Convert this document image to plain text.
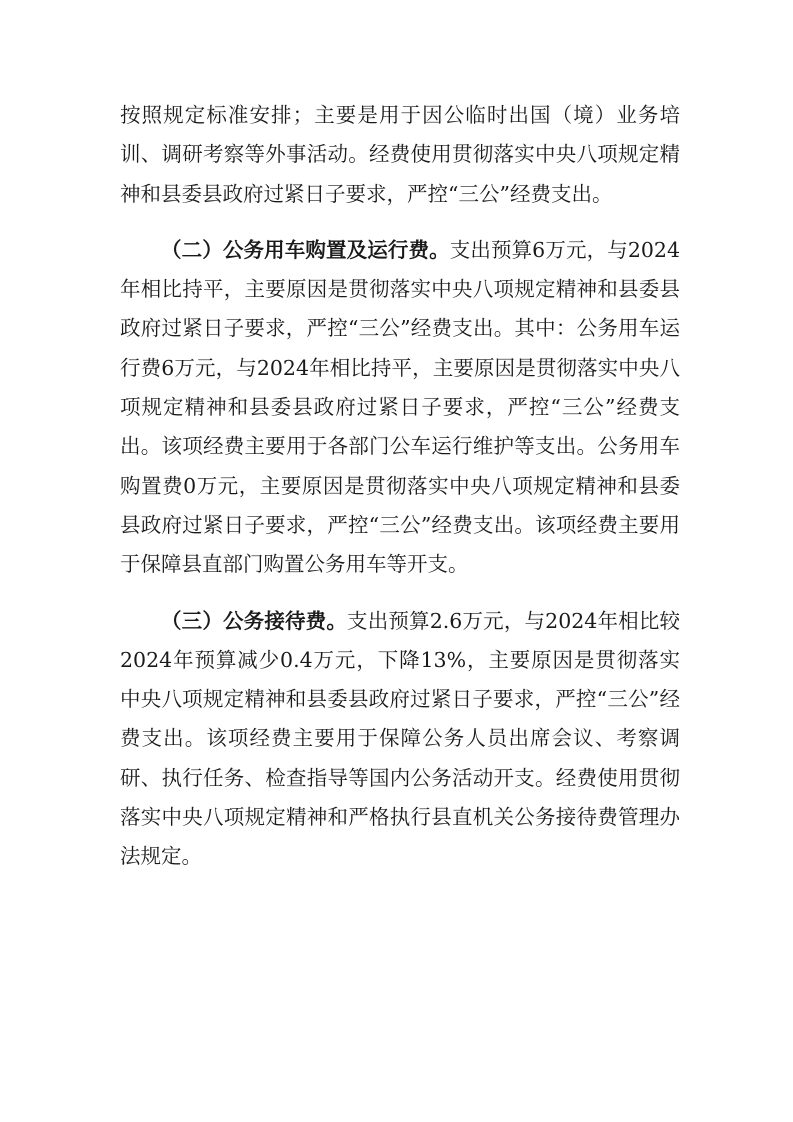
按照规定标准安排；主要是用于因公临时出国（境）业务培训、调研考察等外事活动。经费使用贯彻落实中央八项规定精神和县委县政府过紧日子要求，严控“三公”经费支出。

（二）公务用车购置及运行费。支出预算6万元，与2024年相比持平，主要原因是贯彻落实中央八项规定精神和县委县政府过紧日子要求，严控“三公”经费支出。其中：公务用车运行费6万元，与2024年相比持平，主要原因是贯彻落实中央八项规定精神和县委县政府过紧日子要求，严控“三公”经费支出。该项经费主要用于各部门公车运行维护等支出。公务用车购置费0万元，主要原因是贯彻落实中央八项规定精神和县委县政府过紧日子要求，严控“三公”经费支出。该项经费主要用于保障县直部门购置公务用车等开支。

（三）公务接待费。支出预算2.6万元，与2024年相比较2024年预算减少0.4万元，下降13%，主要原因是贯彻落实中央八项规定精神和县委县政府过紧日子要求，严控“三公”经费支出。该项经费主要用于保障公务人员出席会议、考察调研、执行任务、检查指导等国内公务活动开支。经费使用贯彻落实中央八项规定精神和严格执行县直机关公务接待费管理办法规定。
